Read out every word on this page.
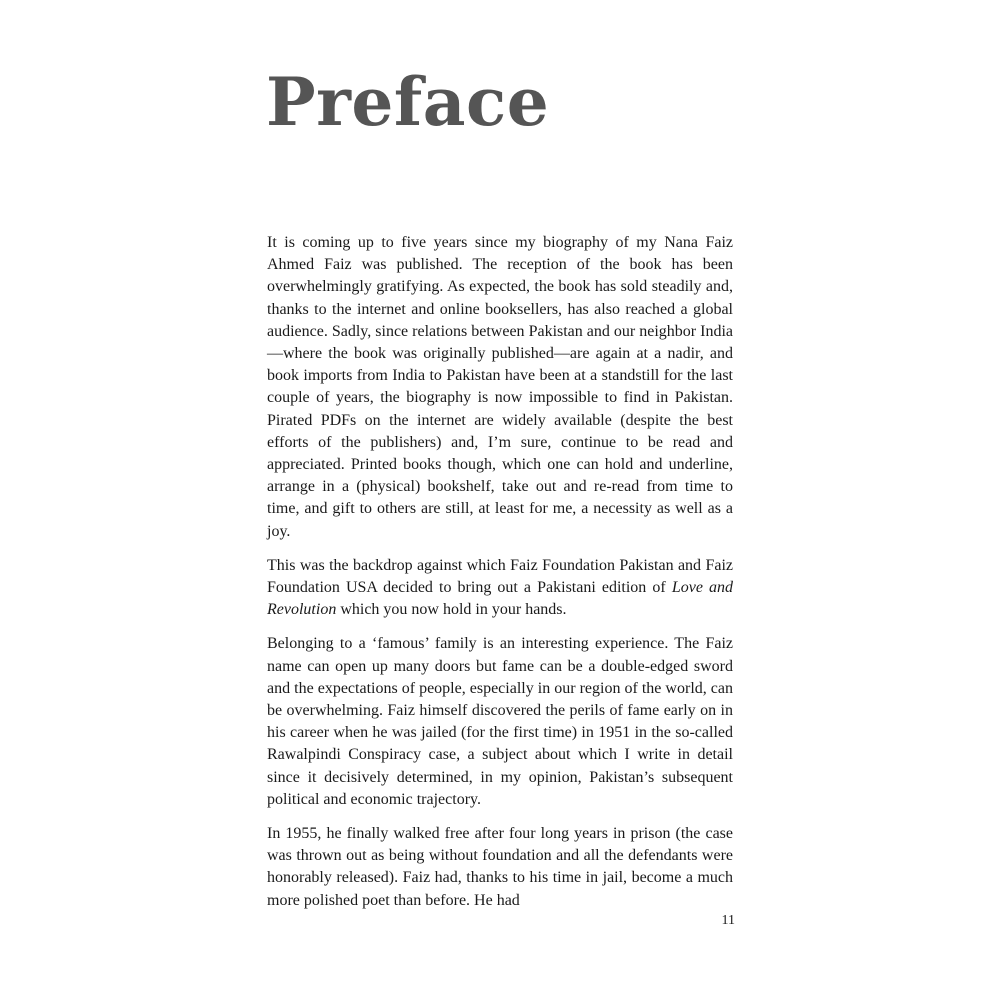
Preface

It is coming up to five years since my biography of my Nana Faiz Ahmed Faiz was published. The reception of the book has been overwhelmingly gratifying. As expected, the book has sold steadily and, thanks to the internet and online booksellers, has also reached a global audience. Sadly, since relations between Pakistan and our neighbor India—where the book was originally published—are again at a nadir, and book imports from India to Pakistan have been at a standstill for the last couple of years, the biography is now impossible to find in Pakistan. Pirated PDFs on the internet are widely available (despite the best efforts of the publishers) and, I’m sure, continue to be read and appreciated. Printed books though, which one can hold and underline, arrange in a (physical) bookshelf, take out and re-read from time to time, and gift to others are still, at least for me, a necessity as well as a joy.

This was the backdrop against which Faiz Foundation Pakistan and Faiz Foundation USA decided to bring out a Pakistani edition of Love and Revolution which you now hold in your hands.

Belonging to a ‘famous’ family is an interesting experience. The Faiz name can open up many doors but fame can be a double-edged sword and the expectations of people, especially in our region of the world, can be overwhelming. Faiz himself discovered the perils of fame early on in his career when he was jailed (for the first time) in 1951 in the so-called Rawalpindi Conspiracy case, a subject about which I write in detail since it decisively determined, in my opinion, Pakistan’s subsequent political and economic trajectory.

In 1955, he finally walked free after four long years in prison (the case was thrown out as being without foundation and all the defendants were honorably released). Faiz had, thanks to his time in jail, become a much more polished poet than before. He had

11
